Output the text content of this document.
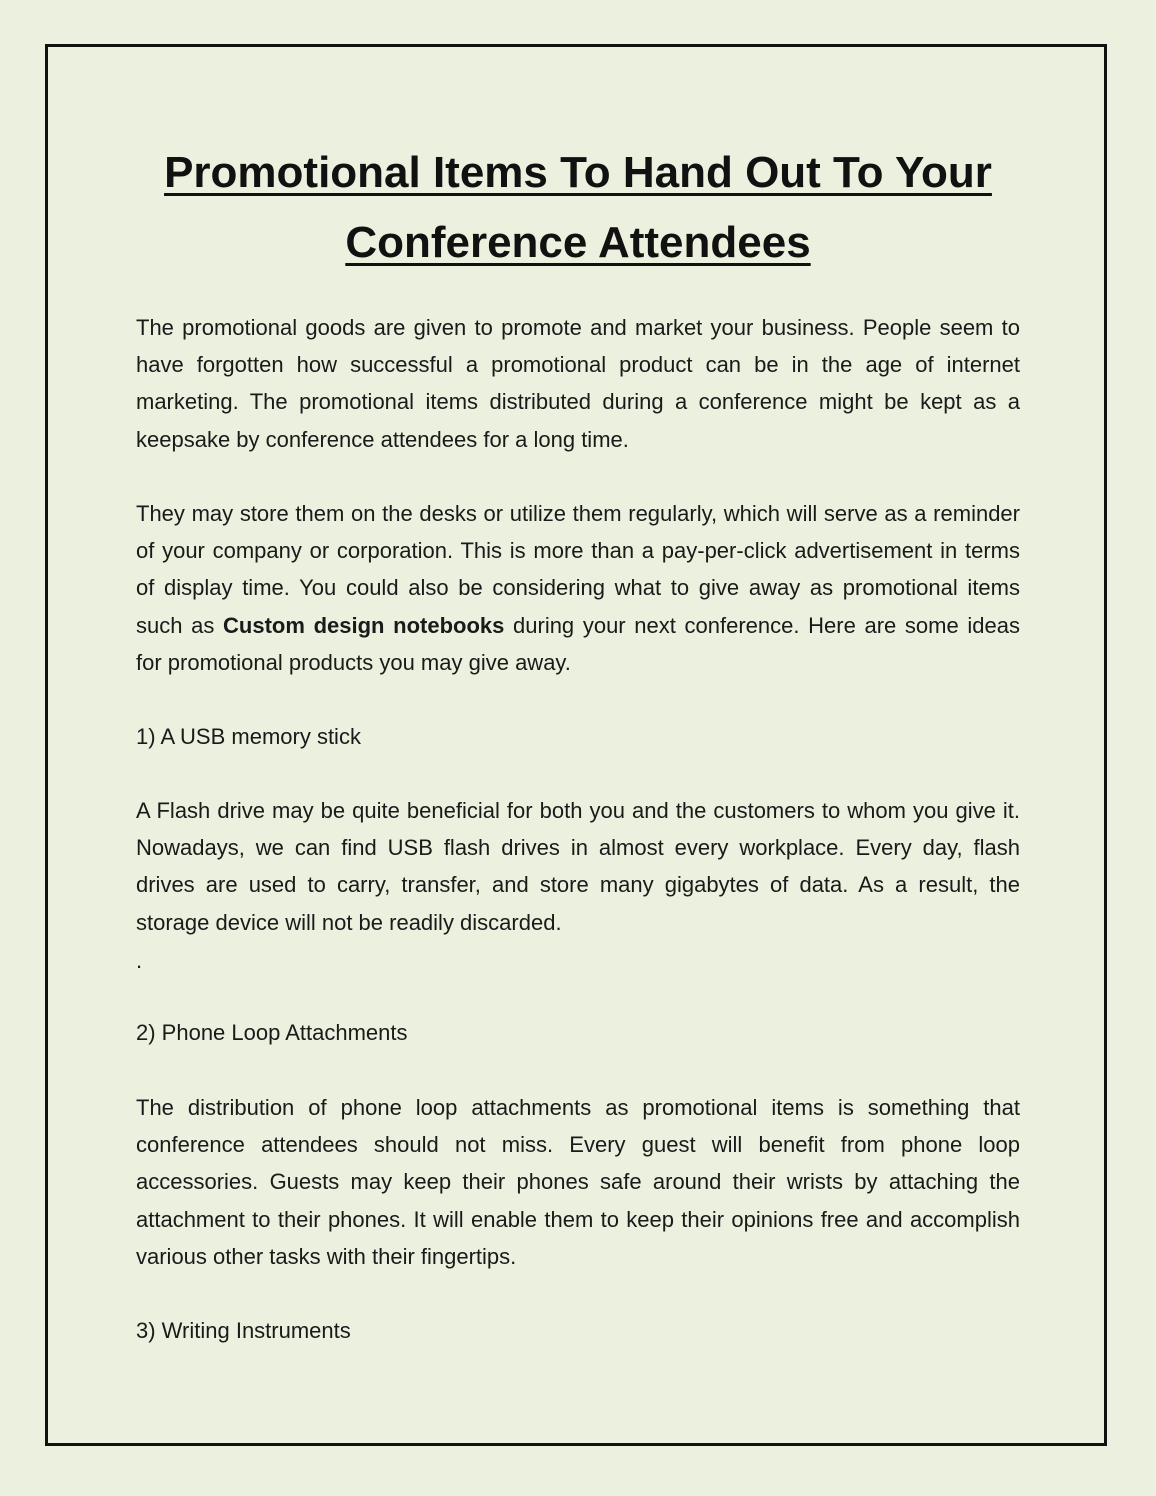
Promotional Items To Hand Out To Your Conference Attendees

The promotional goods are given to promote and market your business. People seem to have forgotten how successful a promotional product can be in the age of internet marketing. The promotional items distributed during a conference might be kept as a keepsake by conference attendees for a long time.

They may store them on the desks or utilize them regularly, which will serve as a reminder of your company or corporation. This is more than a pay-per-click advertisement in terms of display time. You could also be considering what to give away as promotional items such as Custom design notebooks during your next conference. Here are some ideas for promotional products you may give away.

1) A USB memory stick

A Flash drive may be quite beneficial for both you and the customers to whom you give it. Nowadays, we can find USB flash drives in almost every workplace. Every day, flash drives are used to carry, transfer, and store many gigabytes of data. As a result, the storage device will not be readily discarded.

.

2) Phone Loop Attachments

The distribution of phone loop attachments as promotional items is something that conference attendees should not miss. Every guest will benefit from phone loop accessories. Guests may keep their phones safe around their wrists by attaching the attachment to their phones. It will enable them to keep their opinions free and accomplish various other tasks with their fingertips.

3) Writing Instruments
